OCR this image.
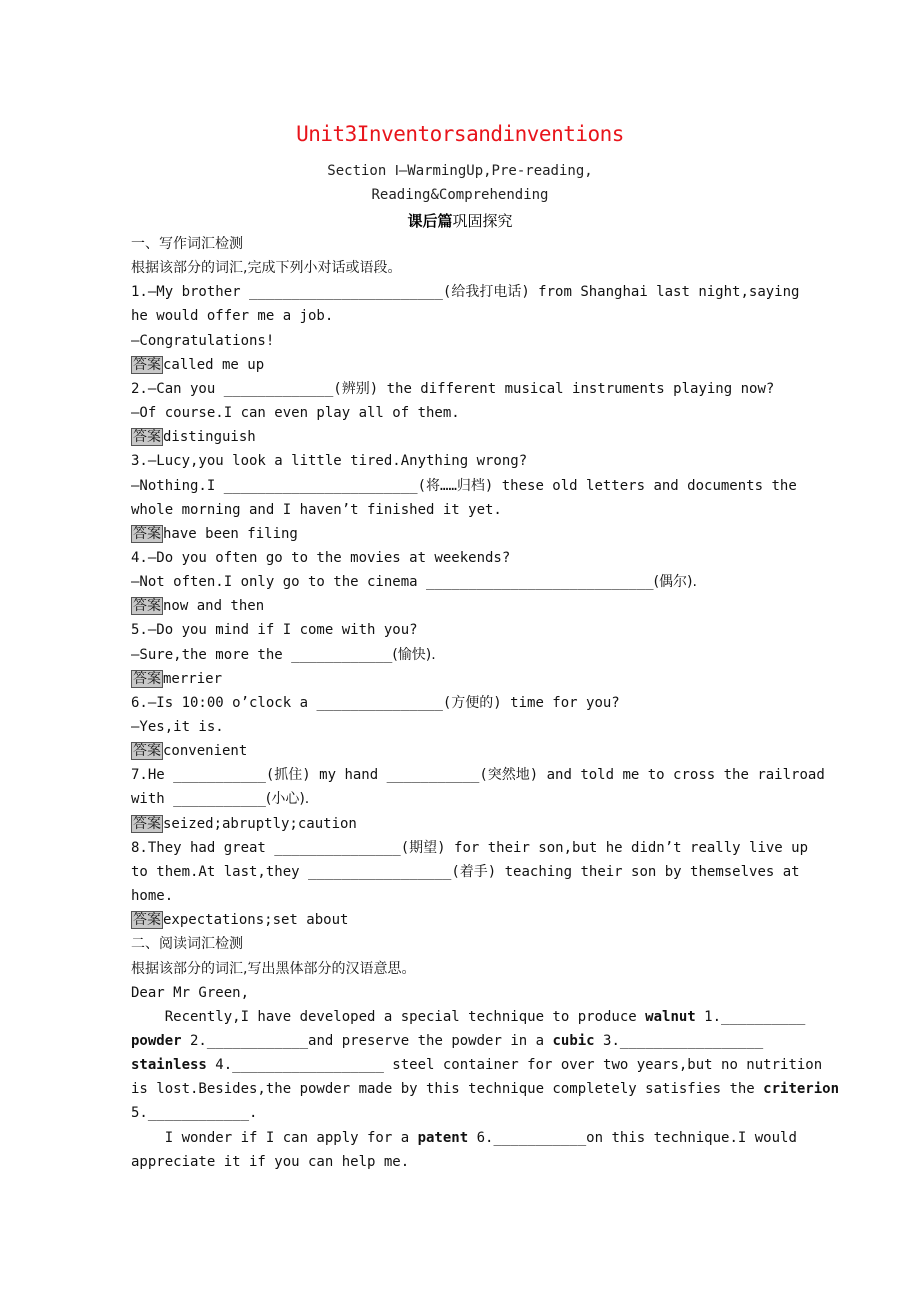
Unit3Inventorsandinventions
Section Ⅰ—WarmingUp,Pre-reading,
Reading&Comprehending
课后篇巩固探究
一、写作词汇检测
根据该部分的词汇,完成下列小对话或语段。
1.—My brother _______________________(给我打电话) from Shanghai last night,saying
he would offer me a job.
—Congratulations!
答案 called me up
2.—Can you _____________(辨别) the different musical instruments playing now?
—Of course.I can even play all of them.
答案 distinguish
3.—Lucy,you look a little tired.Anything wrong?
—Nothing.I _______________________(将……归档) these old letters and documents the
whole morning and I haven’t finished it yet.
答案 have been filing
4.—Do you often go to the movies at weekends?
—Not often.I only go to the cinema ___________________________(偶尔).
答案 now and then
5.—Do you mind if I come with you?
—Sure,the more the ____________(愉快).
答案 merrier
6.—Is 10:00 o’clock a _______________(方便的) time for you?
—Yes,it is.
答案 convenient
7.He ___________(抓住) my hand ___________(突然地) and told me to cross the railroad
with ___________(小心).
答案 seized;abruptly;caution
8.They had great _______________(期望) for their son,but he didn’t really live up
to them.At last,they _________________(着手) teaching their son by themselves at
home.
答案 expectations;set about
二、阅读词汇检测
根据该部分的词汇,写出黑体部分的汉语意思。
Dear Mr Green,
Recently,I have developed a special technique to produce walnut 1.__________
powder 2.____________and preserve the powder in a cubic 3._________________
stainless 4.__________________ steel container for over two years,but no nutrition
is lost.Besides,the powder made by this technique completely satisfies the criterion
5.____________.
I wonder if I can apply for a patent 6.___________on this technique.I would
appreciate it if you can help me.
